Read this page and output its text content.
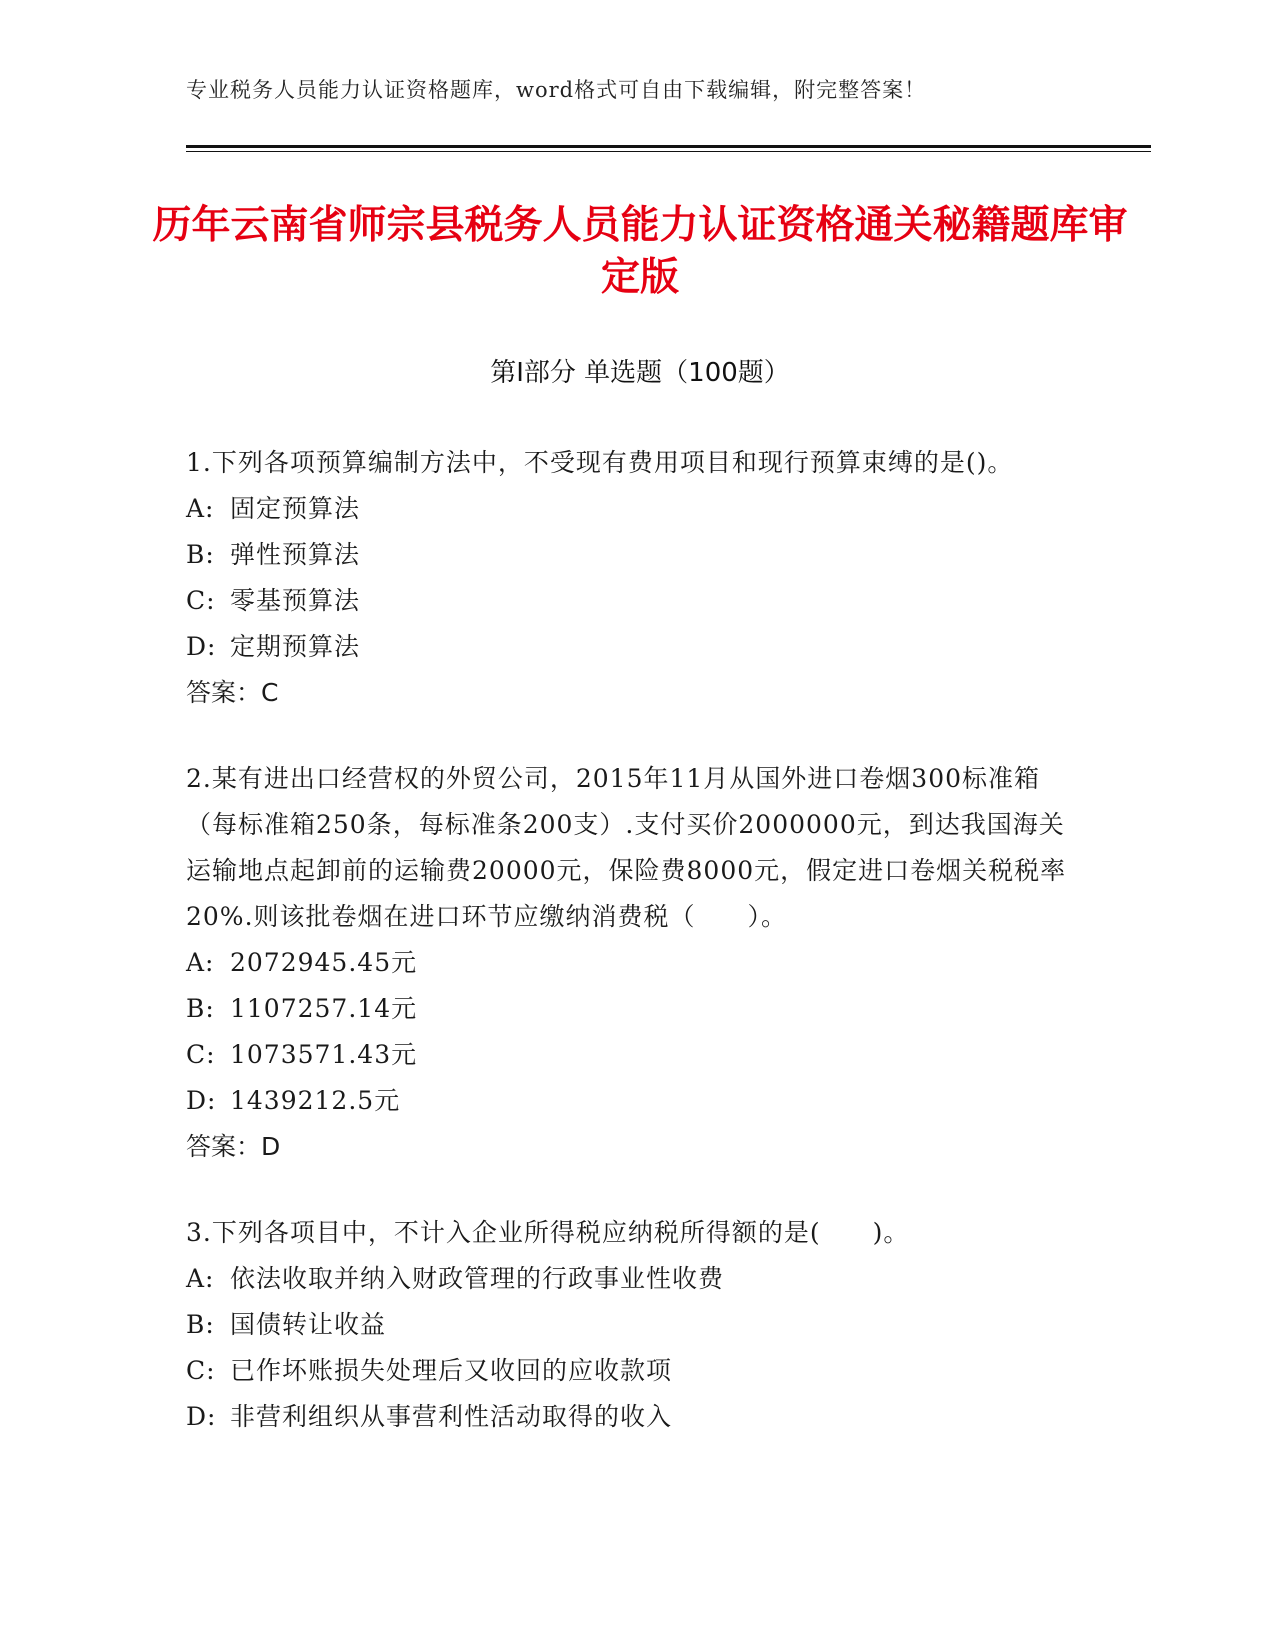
专业税务人员能力认证资格题库，word格式可自由下载编辑，附完整答案！
历年云南省师宗县税务人员能力认证资格通关秘籍题库审定版
第Ⅰ部分 单选题（100题）
1.下列各项预算编制方法中，不受现有费用项目和现行预算束缚的是()。
A: 固定预算法
B: 弹性预算法
C: 零基预算法
D: 定期预算法
答案：C
2.某有进出口经营权的外贸公司，2015年11月从国外进口卷烟300标准箱（每标准箱250条，每标准条200支）.支付买价2000000元，到达我国海关运输地点起卸前的运输费20000元，保险费8000元，假定进口卷烟关税税率20%.则该批卷烟在进口环节应缴纳消费税（　　）。
A: 2072945.45元
B: 1107257.14元
C: 1073571.43元
D: 1439212.5元
答案：D
3.下列各项目中，不计入企业所得税应纳税所得额的是(　　)。
A: 依法收取并纳入财政管理的行政事业性收费
B: 国债转让收益
C: 已作坏账损失处理后又收回的应收款项
D: 非营利组织从事营利性活动取得的收入
